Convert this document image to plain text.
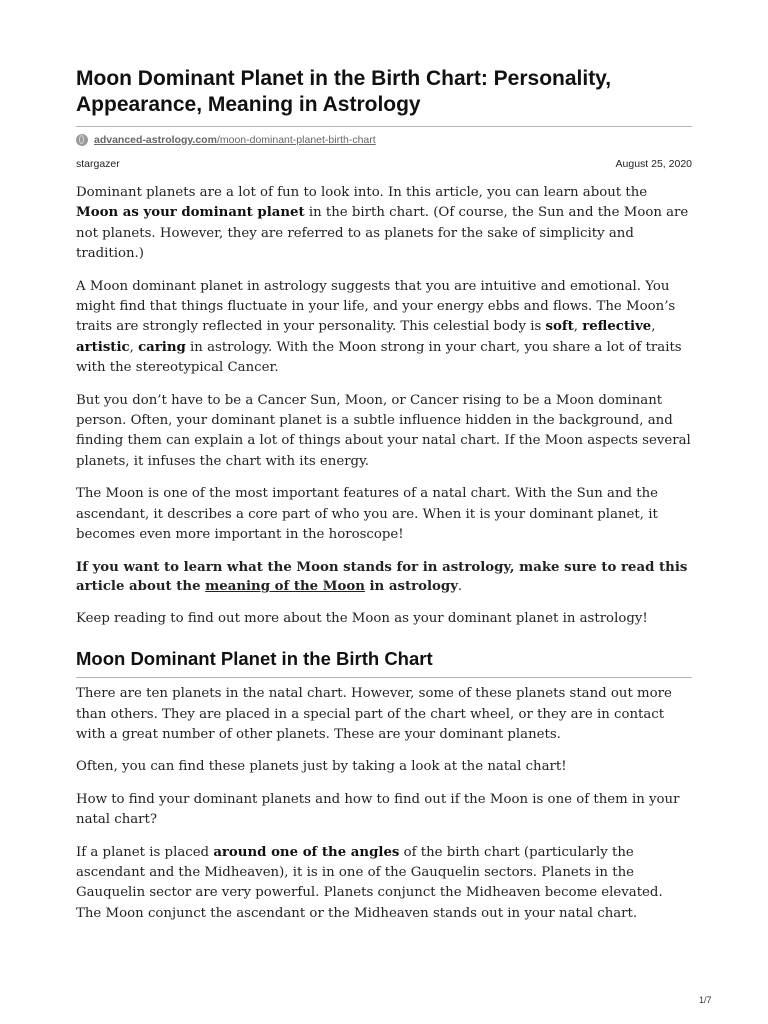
Moon Dominant Planet in the Birth Chart: Personality, Appearance, Meaning in Astrology
advanced-astrology.com/moon-dominant-planet-birth-chart
stargazer	August 25, 2020

Dominant planets are a lot of fun to look into. In this article, you can learn about the Moon as your dominant planet in the birth chart. (Of course, the Sun and the Moon are not planets. However, they are referred to as planets for the sake of simplicity and tradition.)

A Moon dominant planet in astrology suggests that you are intuitive and emotional. You might find that things fluctuate in your life, and your energy ebbs and flows. The Moon’s traits are strongly reflected in your personality. This celestial body is soft, reflective, artistic, caring in astrology. With the Moon strong in your chart, you share a lot of traits with the stereotypical Cancer.

But you don’t have to be a Cancer Sun, Moon, or Cancer rising to be a Moon dominant person. Often, your dominant planet is a subtle influence hidden in the background, and finding them can explain a lot of things about your natal chart. If the Moon aspects several planets, it infuses the chart with its energy.

The Moon is one of the most important features of a natal chart. With the Sun and the ascendant, it describes a core part of who you are. When it is your dominant planet, it becomes even more important in the horoscope!

If you want to learn what the Moon stands for in astrology, make sure to read this article about the meaning of the Moon in astrology.

Keep reading to find out more about the Moon as your dominant planet in astrology!

Moon Dominant Planet in the Birth Chart

There are ten planets in the natal chart. However, some of these planets stand out more than others. They are placed in a special part of the chart wheel, or they are in contact with a great number of other planets. These are your dominant planets.

Often, you can find these planets just by taking a look at the natal chart!

How to find your dominant planets and how to find out if the Moon is one of them in your natal chart?

If a planet is placed around one of the angles of the birth chart (particularly the ascendant and the Midheaven), it is in one of the Gauquelin sectors. Planets in the Gauquelin sector are very powerful. Planets conjunct the Midheaven become elevated. The Moon conjunct the ascendant or the Midheaven stands out in your natal chart.

1/7
